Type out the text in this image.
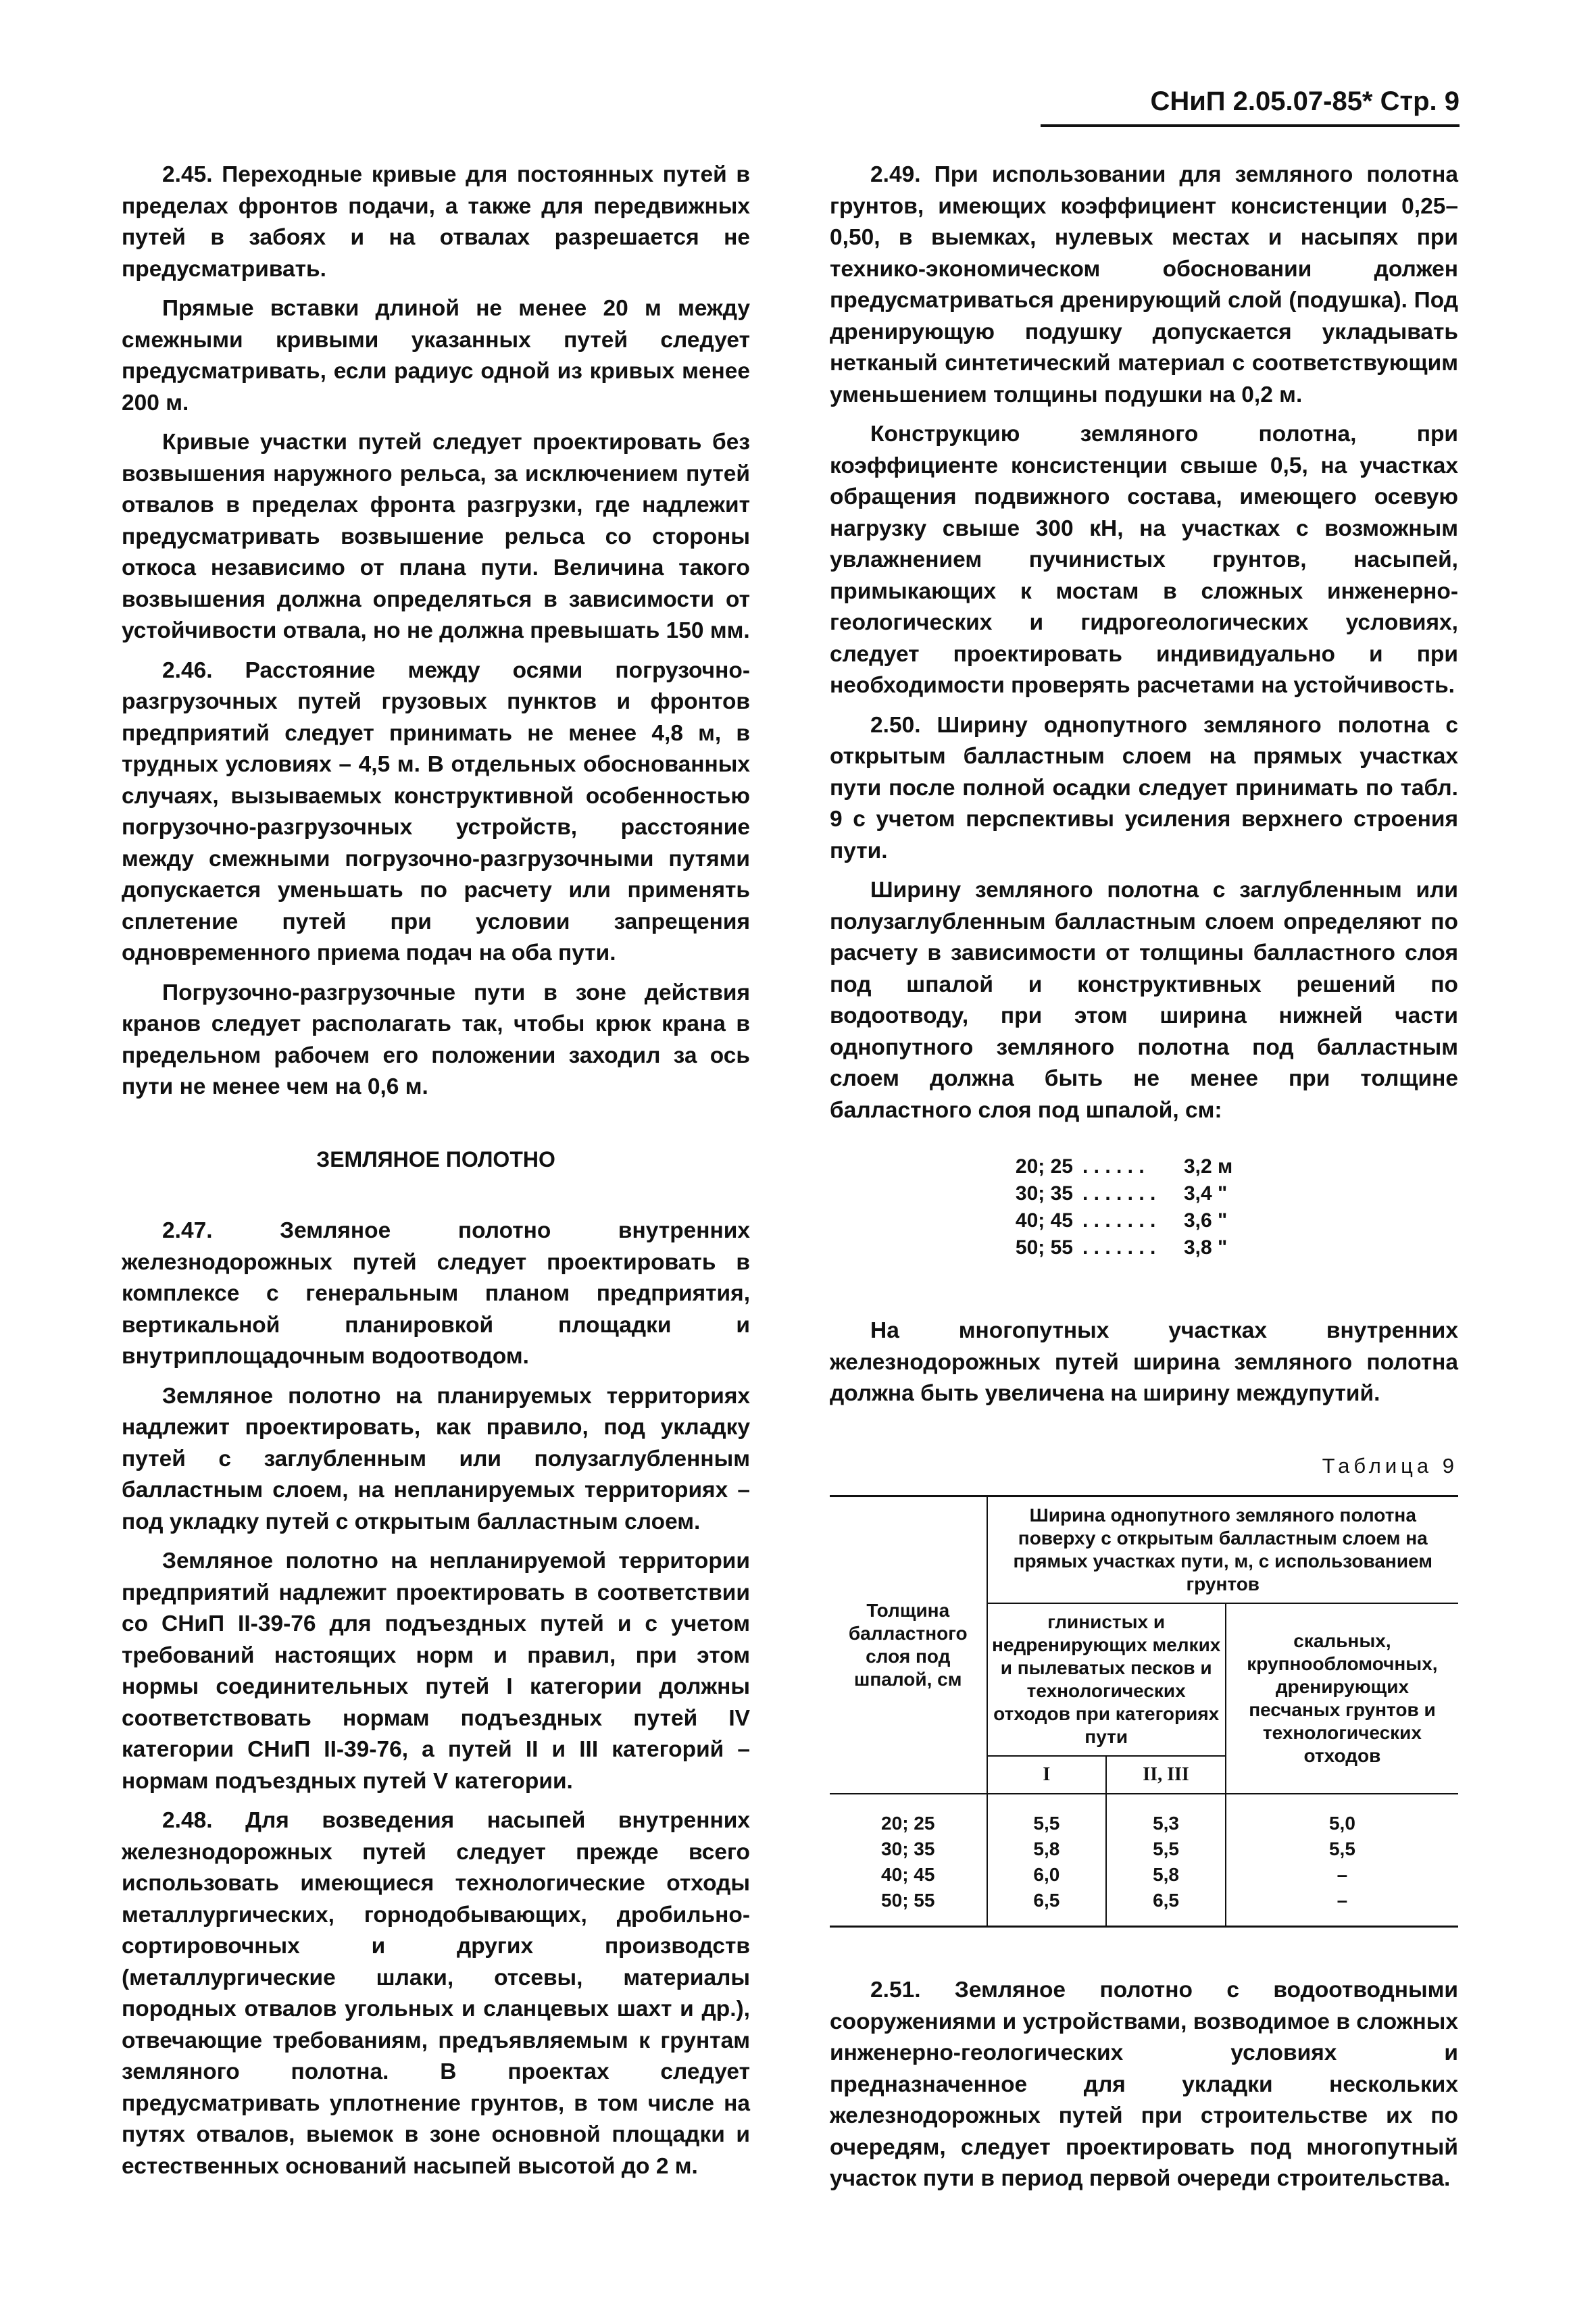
СНиП 2.05.07-85* Стр. 9

2.45. Переходные кривые для постоянных путей в пределах фронтов подачи, а также для передвижных путей в забоях и на отвалах разрешается не предусматривать.

Прямые вставки длиной не менее 20 м между смежными кривыми указанных путей следует предусматривать, если радиус одной из кривых менее 200 м.

Кривые участки путей следует проектировать без возвышения наружного рельса, за исключением путей отвалов в пределах фронта разгрузки, где надлежит предусматривать возвышение рельса со стороны откоса независимо от плана пути. Величина такого возвышения должна определяться в зависимости от устойчивости отвала, но не должна превышать 150 мм.

2.46. Расстояние между осями погрузочно-разгрузочных путей грузовых пунктов и фронтов предприятий следует принимать не менее 4,8 м, в трудных условиях – 4,5 м. В отдельных обоснованных случаях, вызываемых конструктивной особенностью погрузочно-разгрузочных устройств, расстояние между смежными погрузочно-разгрузочными путями допускается уменьшать по расчету или применять сплетение путей при условии запрещения одновременного приема подач на оба пути.

Погрузочно-разгрузочные пути в зоне действия кранов следует располагать так, чтобы крюк крана в предельном рабочем его положении заходил за ось пути не менее чем на 0,6 м.

ЗЕМЛЯНОЕ ПОЛОТНО

2.47. Земляное полотно внутренних железнодорожных путей следует проектировать в комплексе с генеральным планом предприятия, вертикальной планировкой площадки и внутриплощадочным водоотводом.

Земляное полотно на планируемых территориях надлежит проектировать, как правило, под укладку путей с заглубленным или полузаглубленным балластным слоем, на непланируемых территориях – под укладку путей с открытым балластным слоем.

Земляное полотно на непланируемой территории предприятий надлежит проектировать в соответствии со СНиП II-39-76 для подъездных путей и с учетом требований настоящих норм и правил, при этом нормы соединительных путей I категории должны соответствовать нормам подъездных путей IV категории СНиП II-39-76, а путей II и III категорий – нормам подъездных путей V категории.

2.48. Для возведения насыпей внутренних железнодорожных путей следует прежде всего использовать имеющиеся технологические отходы металлургических, горнодобывающих, дробильно-сортировочных и других производств (металлургические шлаки, отсевы, материалы породных отвалов угольных и сланцевых шахт и др.), отвечающие требованиям, предъявляемым к грунтам земляного полотна. В проектах следует предусматривать уплотнение грунтов, в том числе на путях отвалов, выемок в зоне основной площадки и естественных оснований насыпей высотой до 2 м.

2.49. При использовании для земляного полотна грунтов, имеющих коэффициент консистенции 0,25–0,50, в выемках, нулевых местах и насыпях при технико-экономическом обосновании должен предусматриваться дренирующий слой (подушка). Под дренирующую подушку допускается укладывать нетканый синтетический материал с соответствующим уменьшением толщины подушки на 0,2 м.

Конструкцию земляного полотна, при коэффициенте консистенции свыше 0,5, на участках обращения подвижного состава, имеющего осевую нагрузку свыше 300 кН, на участках с возможным увлажнением пучинистых грунтов, насыпей, примыкающих к мостам в сложных инженерно-геологических и гидрогеологических условиях, следует проектировать индивидуально и при необходимости проверять расчетами на устойчивость.

2.50. Ширину однопутного земляного полотна с открытым балластным слоем на прямых участках пути после полной осадки следует принимать по табл. 9 с учетом перспективы усиления верхнего строения пути.

Ширину земляного полотна с заглубленным или полузаглубленным балластным слоем определяют по расчету в зависимости от толщины балластного слоя под шпалой и конструктивных решений по водоотводу, при этом ширина нижней части однопутного земляного полотна под балластным слоем должна быть не менее при толщине балластного слоя под шпалой, см:

20; 25 . . . . . .	3,2 м
30; 35 . . . . . . .	3,4 "
40; 45 . . . . . . .	3,6 "
50; 55 . . . . . . .	3,8 "

На многопутных участках внутренних железнодорожных путей ширина земляного полотна должна быть увеличена на ширину междупутий.

Таблица 9
Толщина балластного слоя под шпалой, см	Ширина однопутного земляного полотна поверху с открытым балластным слоем на прямых участках пути, м, с использованием грунтов		
	глинистых и недренирующих мелких и пылеватых песков и технологических отходов при категориях пути		скальных, крупнообломочных, дренирующих песчаных грунтов и технологических отходов
	I	II, III	
20; 25	5,5	5,3	5,0
30; 35	5,8	5,5	5,5
40; 45	6,0	5,8	–
50; 55	6,5	6,5	–

2.51. Земляное полотно с водоотводными сооружениями и устройствами, возводимое в сложных инженерно-геологических условиях и предназначенное для укладки нескольких железнодорожных путей при строительстве их по очередям, следует проектировать под многопутный участок пути в период первой очереди строительства.
